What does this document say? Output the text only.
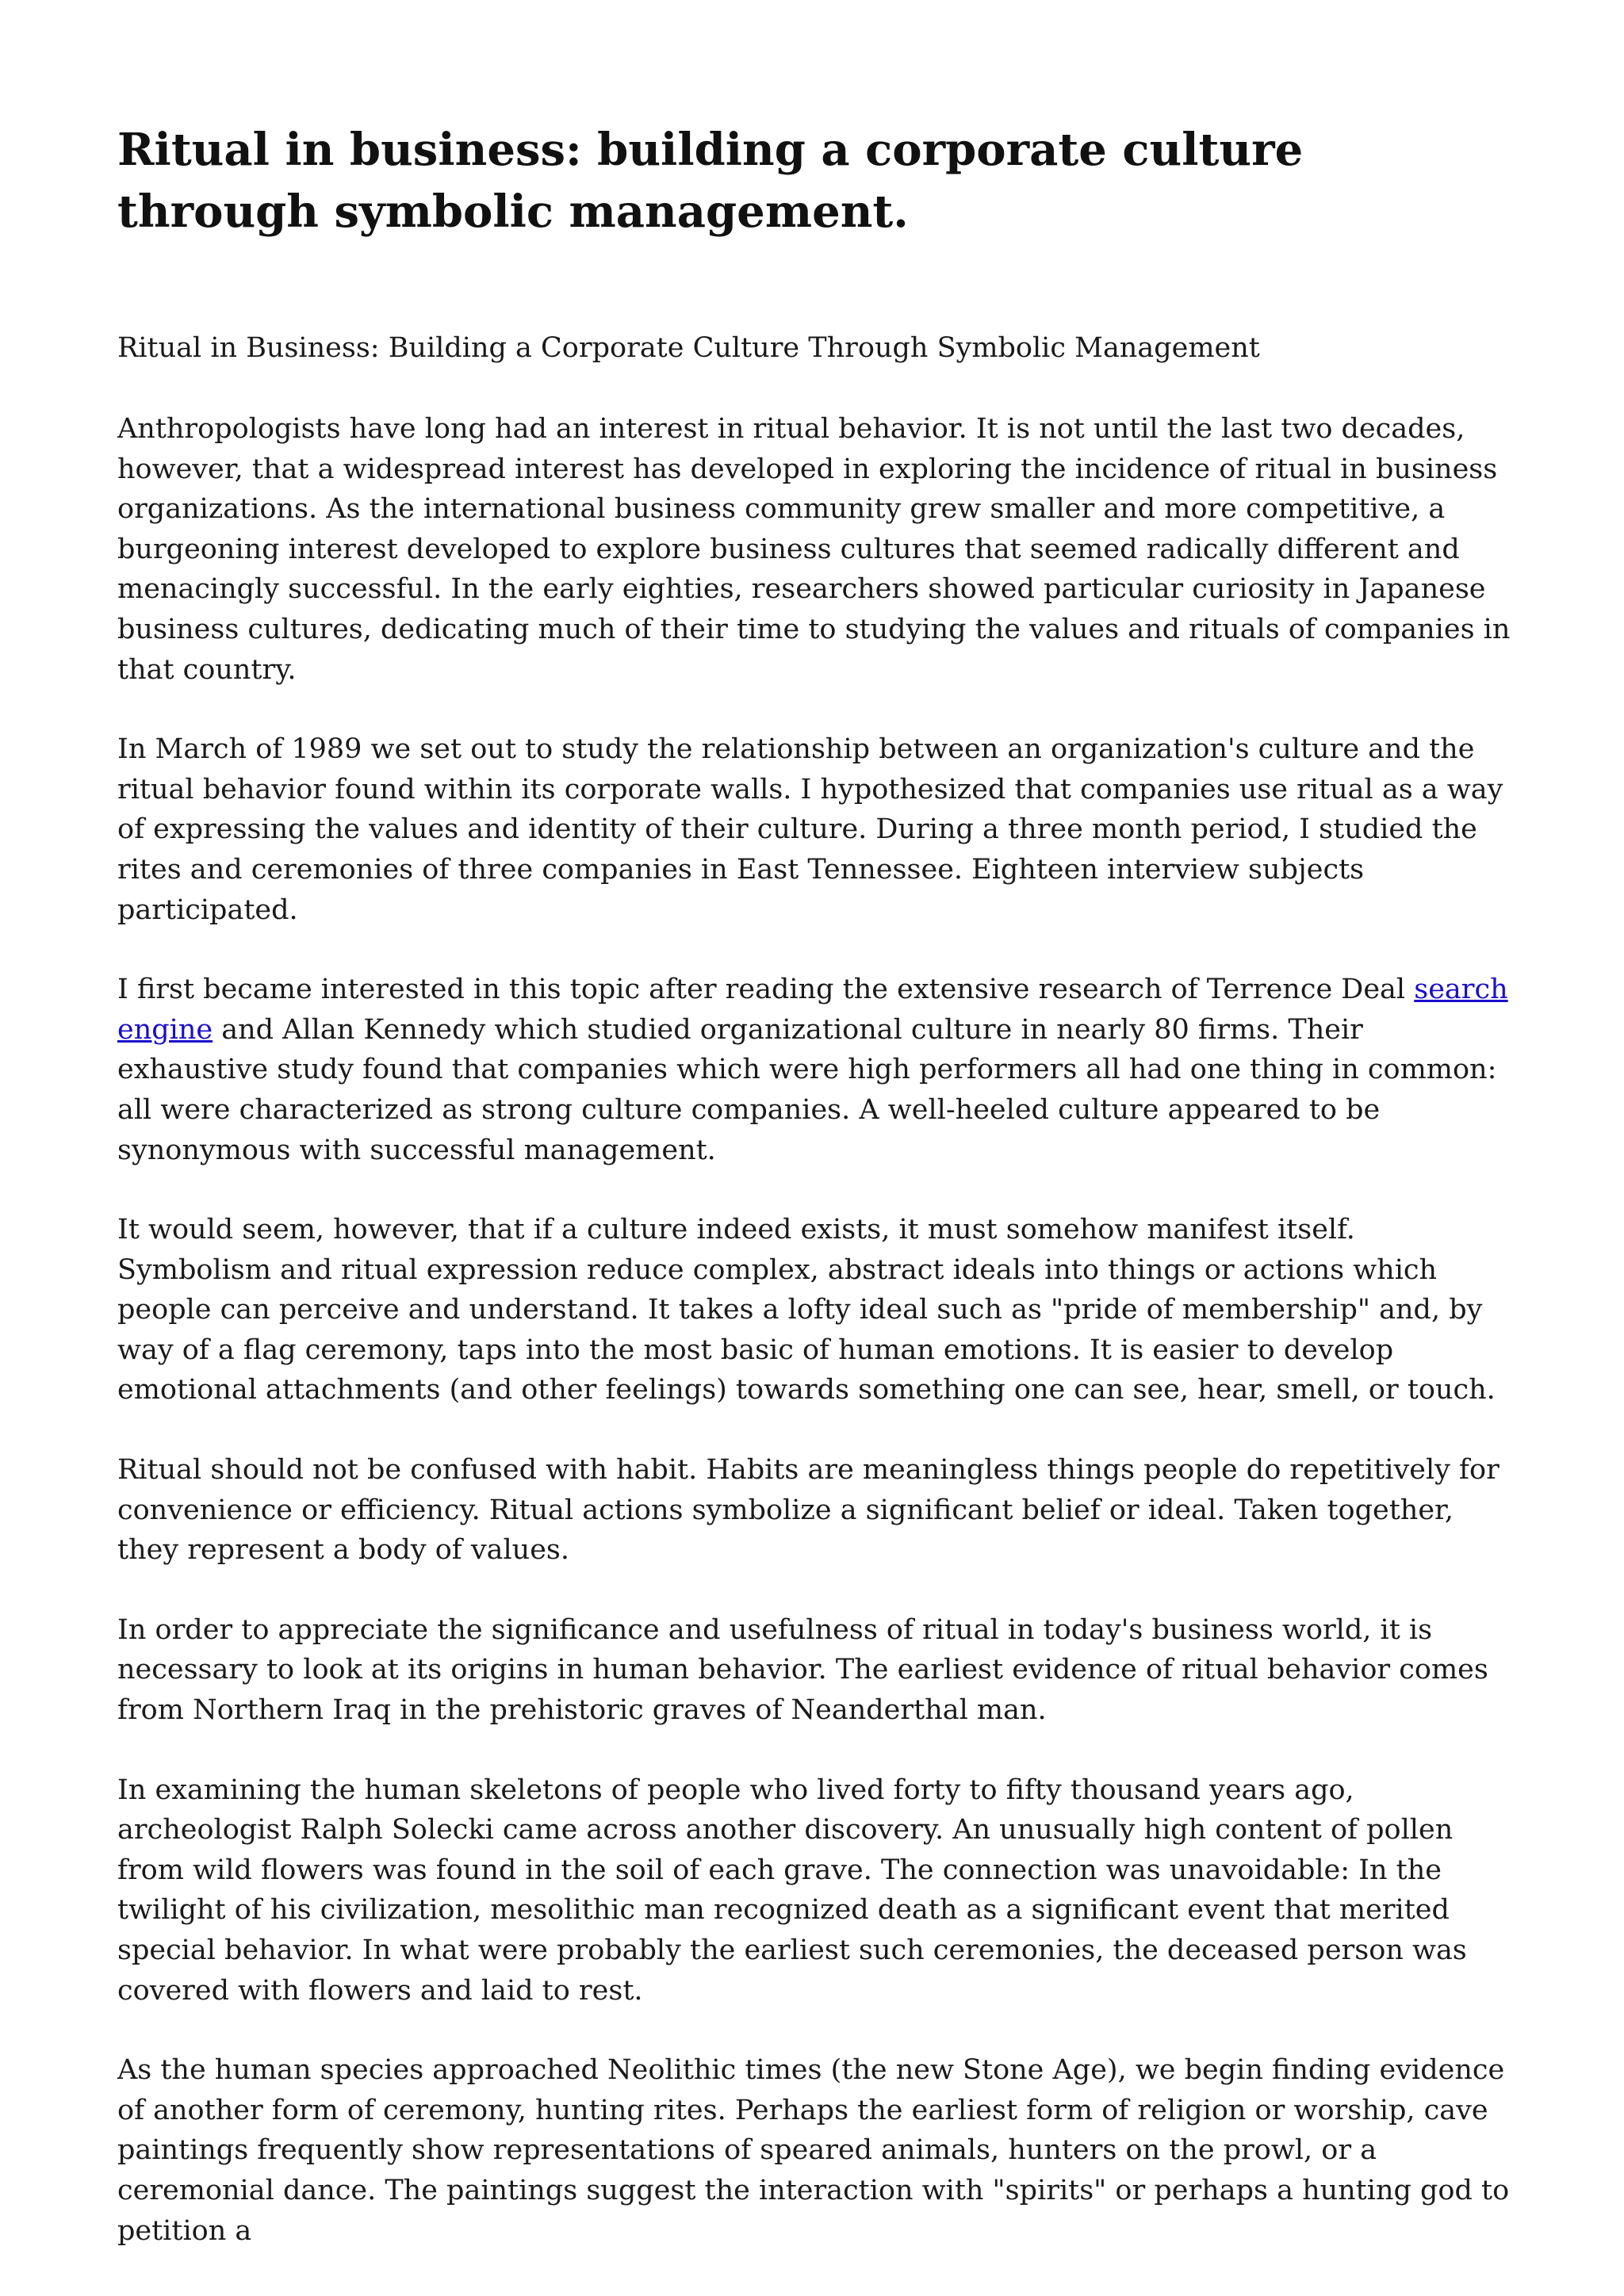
Ritual in business: building a corporate culture through symbolic management.
Ritual in Business: Building a Corporate Culture Through Symbolic Management

Anthropologists have long had an interest in ritual behavior. It is not until the last two decades, however, that a widespread interest has developed in exploring the incidence of ritual in business organizations. As the international business community grew smaller and more competitive, a burgeoning interest developed to explore business cultures that seemed radically different and menacingly successful. In the early eighties, researchers showed particular curiosity in Japanese business cultures, dedicating much of their time to studying the values and rituals of companies in that country.

In March of 1989 we set out to study the relationship between an organization's culture and the ritual behavior found within its corporate walls. I hypothesized that companies use ritual as a way of expressing the values and identity of their culture. During a three month period, I studied the rites and ceremonies of three companies in East Tennessee. Eighteen interview subjects participated.

I first became interested in this topic after reading the extensive research of Terrence Deal search engine and Allan Kennedy which studied organizational culture in nearly 80 firms. Their exhaustive study found that companies which were high performers all had one thing in common: all were characterized as strong culture companies. A well-heeled culture appeared to be synonymous with successful management.

It would seem, however, that if a culture indeed exists, it must somehow manifest itself. Symbolism and ritual expression reduce complex, abstract ideals into things or actions which people can perceive and understand. It takes a lofty ideal such as "pride of membership" and, by way of a flag ceremony, taps into the most basic of human emotions. It is easier to develop emotional attachments (and other feelings) towards something one can see, hear, smell, or touch.

Ritual should not be confused with habit. Habits are meaningless things people do repetitively for convenience or efficiency. Ritual actions symbolize a significant belief or ideal. Taken together, they represent a body of values.

In order to appreciate the significance and usefulness of ritual in today's business world, it is necessary to look at its origins in human behavior. The earliest evidence of ritual behavior comes from Northern Iraq in the prehistoric graves of Neanderthal man.

In examining the human skeletons of people who lived forty to fifty thousand years ago, archeologist Ralph Solecki came across another discovery. An unusually high content of pollen from wild flowers was found in the soil of each grave. The connection was unavoidable: In the twilight of his civilization, mesolithic man recognized death as a significant event that merited special behavior. In what were probably the earliest such ceremonies, the deceased person was covered with flowers and laid to rest.

As the human species approached Neolithic times (the new Stone Age), we begin finding evidence of another form of ceremony, hunting rites. Perhaps the earliest form of religion or worship, cave paintings frequently show representations of speared animals, hunters on the prowl, or a ceremonial dance. The paintings suggest the interaction with "spirits" or perhaps a hunting god to petition a
